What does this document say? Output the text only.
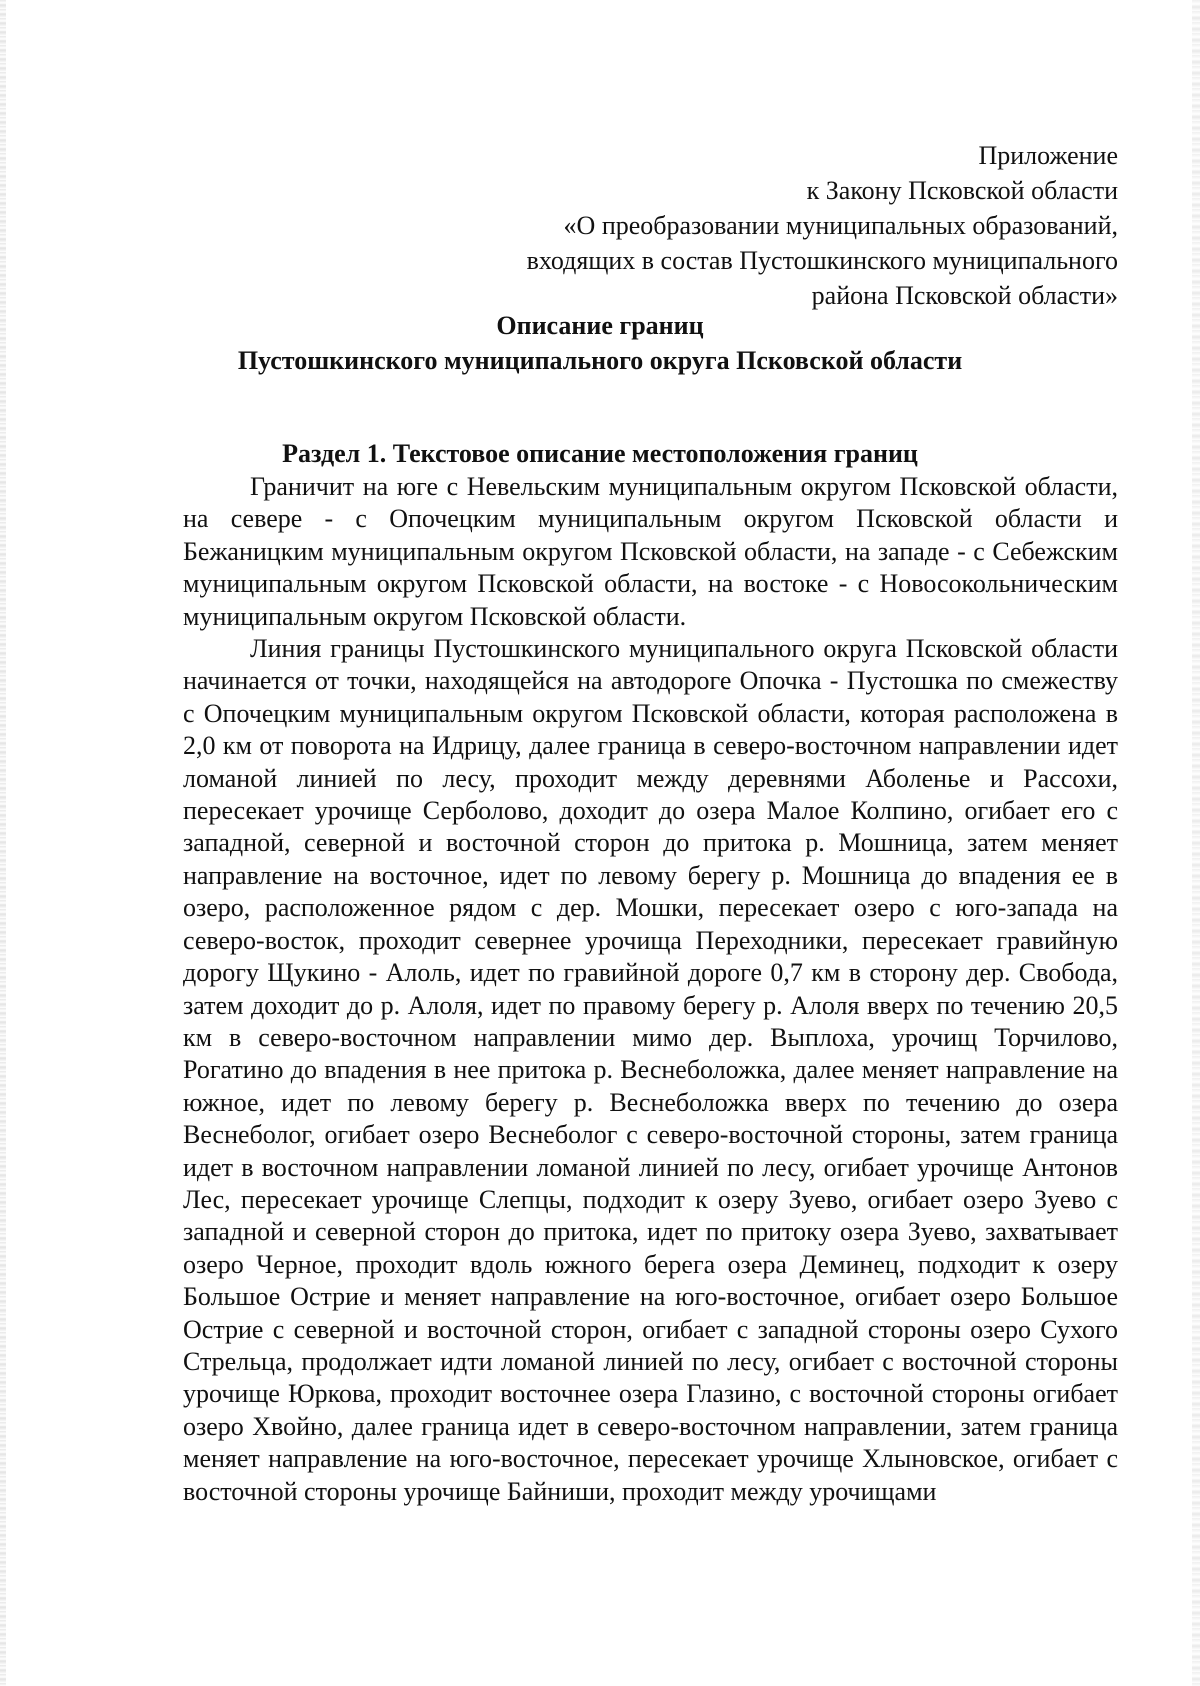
Приложение
к Закону Псковской области
«О преобразовании муниципальных образований,
входящих в состав Пустошкинского муниципального
района Псковской области»
Описание границ
Пустошкинского муниципального округа Псковской области
Раздел 1. Текстовое описание местоположения границ

Граничит на юге с Невельским муниципальным округом Псковской области, на севере - с Опочецким муниципальным округом Псковской области и Бежаницким муниципальным округом Псковской области, на западе - с Себежским муниципальным округом Псковской области, на востоке - с Новосокольническим муниципальным округом Псковской области.

Линия границы Пустошкинского муниципального округа Псковской области начинается от точки, находящейся на автодороге Опочка - Пустошка по смежеству с Опочецким муниципальным округом Псковской области, которая расположена в 2,0 км от поворота на Идрицу, далее граница в северо-восточном направлении идет ломаной линией по лесу, проходит между деревнями Аболенье и Рассохи, пересекает урочище Серболово, доходит до озера Малое Колпино, огибает его с западной, северной и восточной сторон до притока р. Мошница, затем меняет направление на восточное, идет по левому берегу р. Мошница до впадения ее в озеро, расположенное рядом с дер. Мошки, пересекает озеро с юго-запада на северо-восток, проходит севернее урочища Переходники, пересекает гравийную дорогу Щукино - Алоль, идет по гравийной дороге 0,7 км в сторону дер. Свобода, затем доходит до р. Алоля, идет по правому берегу р. Алоля вверх по течению 20,5 км в северо-восточном направлении мимо дер. Выплоха, урочищ Торчилово, Рогатино до впадения в нее притока р. Веснеболожка, далее меняет направление на южное, идет по левому берегу р. Веснеболожка вверх по течению до озера Веснеболог, огибает озеро Веснеболог с северо-восточной стороны, затем граница идет в восточном направлении ломаной линией по лесу, огибает урочище Антонов Лес, пересекает урочище Слепцы, подходит к озеру Зуево, огибает озеро Зуево с западной и северной сторон до притока, идет по притоку озера Зуево, захватывает озеро Черное, проходит вдоль южного берега озера Деминец, подходит к озеру Большое Острие и меняет направление на юго-восточное, огибает озеро Большое Острие с северной и восточной сторон, огибает с западной стороны озеро Сухого Стрельца, продолжает идти ломаной линией по лесу, огибает с восточной стороны урочище Юркова, проходит восточнее озера Глазино, с восточной стороны огибает озеро Хвойно, далее граница идет в северо-восточном направлении, затем граница меняет направление на юго-восточное, пересекает урочище Хлыновское, огибает с восточной стороны урочище Байниши, проходит между урочищами
